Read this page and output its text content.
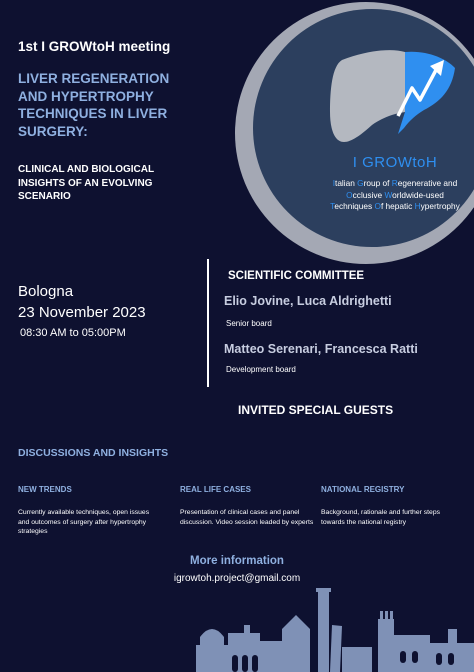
I GROWtoH
Italian Group of Regenerative and
Occlusive Worldwide-used
Techniques Of hepatic Hypertrophy
1st I GROWtoH meeting
LIVER REGENERATION
AND HYPERTROPHY
TECHNIQUES IN LIVER
SURGERY:
CLINICAL AND BIOLOGICAL
INSIGHTS OF AN EVOLVING
SCENARIO
Bologna
23 November 2023
08:30 AM to 05:00PM
SCIENTIFIC COMMITTEE
Elio Jovine, Luca Aldrighetti
Senior board
Matteo Serenari, Francesca Ratti
Development board
INVITED SPECIAL GUESTS
DISCUSSIONS AND INSIGHTS
NEW TRENDS
Currently available techniques, open issues
and outcomes of surgery after hypertrophy
strategies
REAL LIFE CASES
Presentation of clinical cases and panel
discussion. Video session leaded by experts
NATIONAL REGISTRY
Background, rationale and further steps
towards the national registry
More information
igrowtoh.project@gmail.com
